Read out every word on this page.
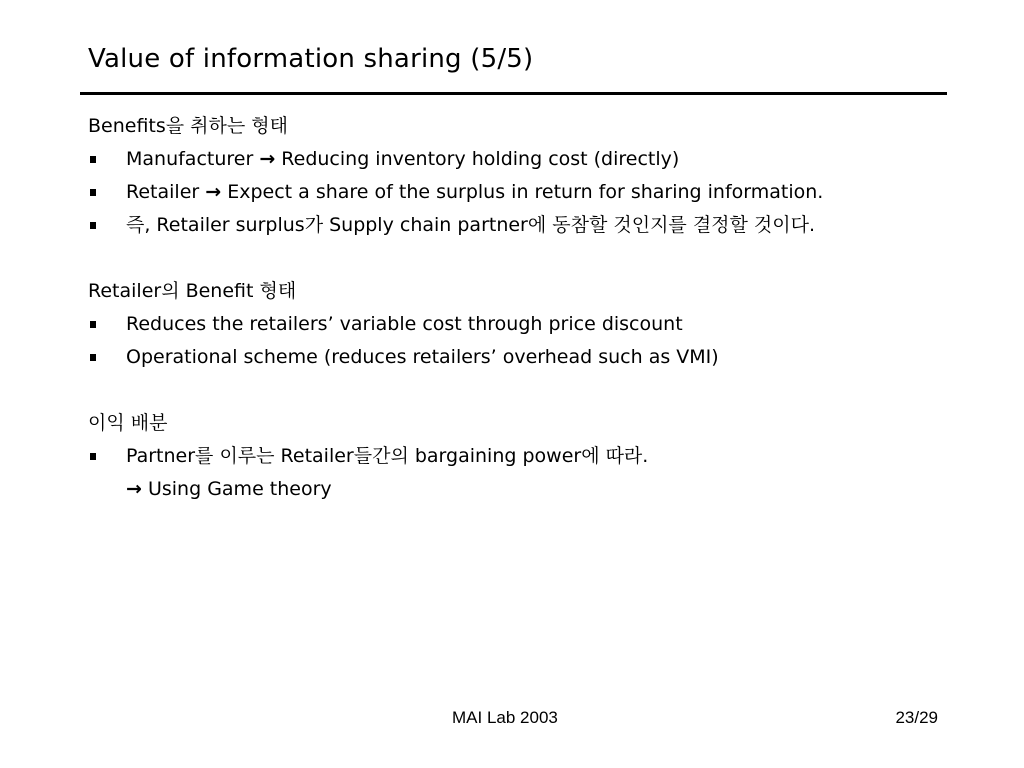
Value of information sharing (5/5)
Benefits을 취하는 형태
Manufacturer → Reducing inventory holding cost (directly)
Retailer → Expect a share of the surplus in return for sharing information.
즉, Retailer surplus가 Supply chain partner에 동참할 것인지를 결정할 것이다.
Retailer의 Benefit 형태
Reduces the retailers’ variable cost through price discount
Operational scheme (reduces retailers’ overhead such as VMI)
이익 배분
Partner를 이루는 Retailer들간의 bargaining power에 따라.
→ Using Game theory
MAI Lab 2003	23/29
